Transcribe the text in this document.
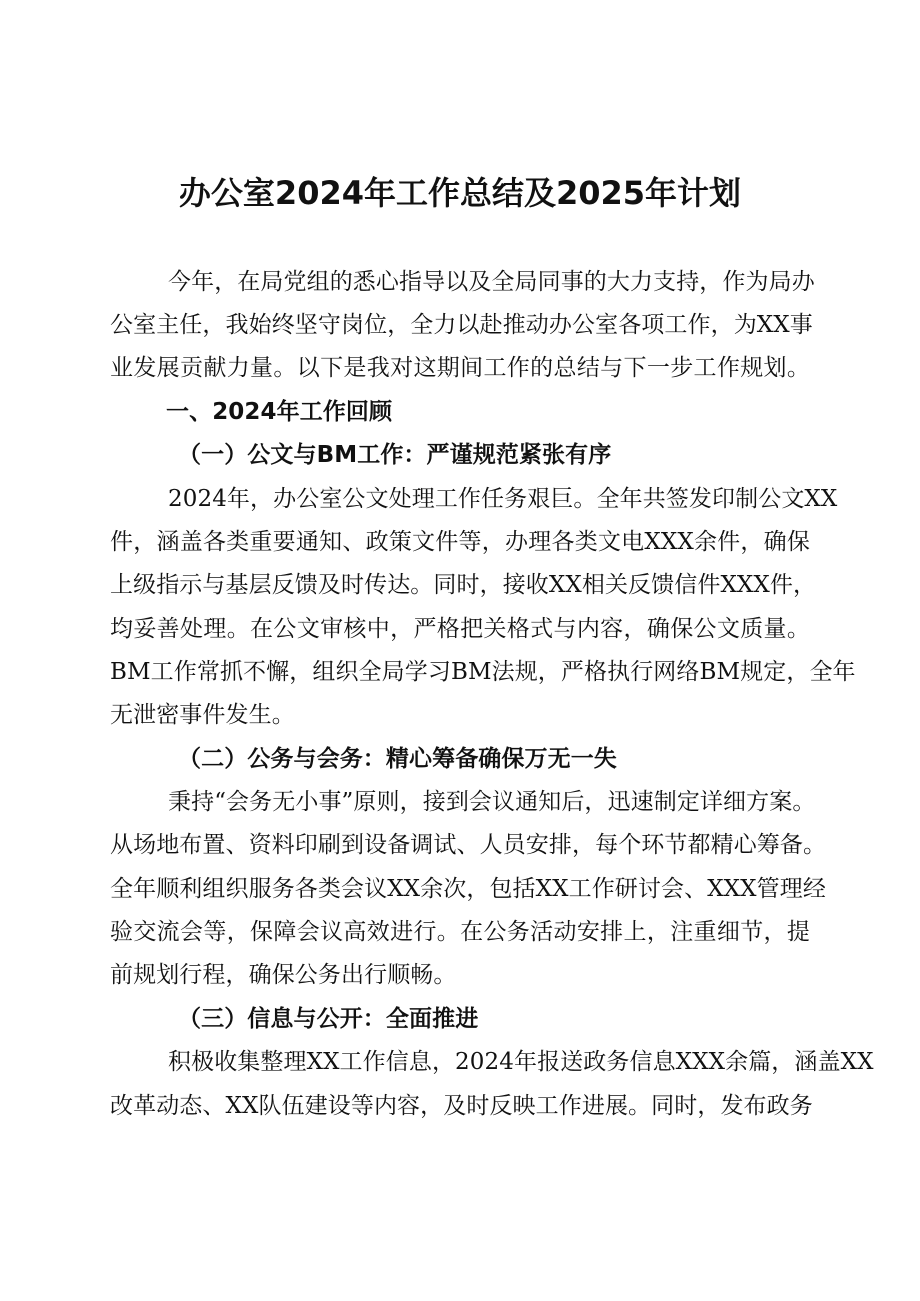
办公室2024年工作总结及2025年计划
今年，在局党组的悉心指导以及全局同事的大力支持，作为局办
公室主任，我始终坚守岗位，全力以赴推动办公室各项工作，为XX事
业发展贡献力量。以下是我对这期间工作的总结与下一步工作规划。
一、2024年工作回顾
（一）公文与BM工作：严谨规范紧张有序
2024年，办公室公文处理工作任务艰巨。全年共签发印制公文XX
件，涵盖各类重要通知、政策文件等，办理各类文电XXX余件，确保
上级指示与基层反馈及时传达。同时，接收XX相关反馈信件XXX件，
均妥善处理。在公文审核中，严格把关格式与内容，确保公文质量。
BM工作常抓不懈，组织全局学习BM法规，严格执行网络BM规定，全年
无泄密事件发生。
（二）公务与会务：精心筹备确保万无一失
秉持“会务无小事”原则，接到会议通知后，迅速制定详细方案。
从场地布置、资料印刷到设备调试、人员安排，每个环节都精心筹备。
全年顺利组织服务各类会议XX余次，包括XX工作研讨会、XXX管理经
验交流会等，保障会议高效进行。在公务活动安排上，注重细节，提
前规划行程，确保公务出行顺畅。
（三）信息与公开：全面推进
积极收集整理XX工作信息，2024年报送政务信息XXX余篇，涵盖XX
改革动态、XX队伍建设等内容，及时反映工作进展。同时，发布政务
